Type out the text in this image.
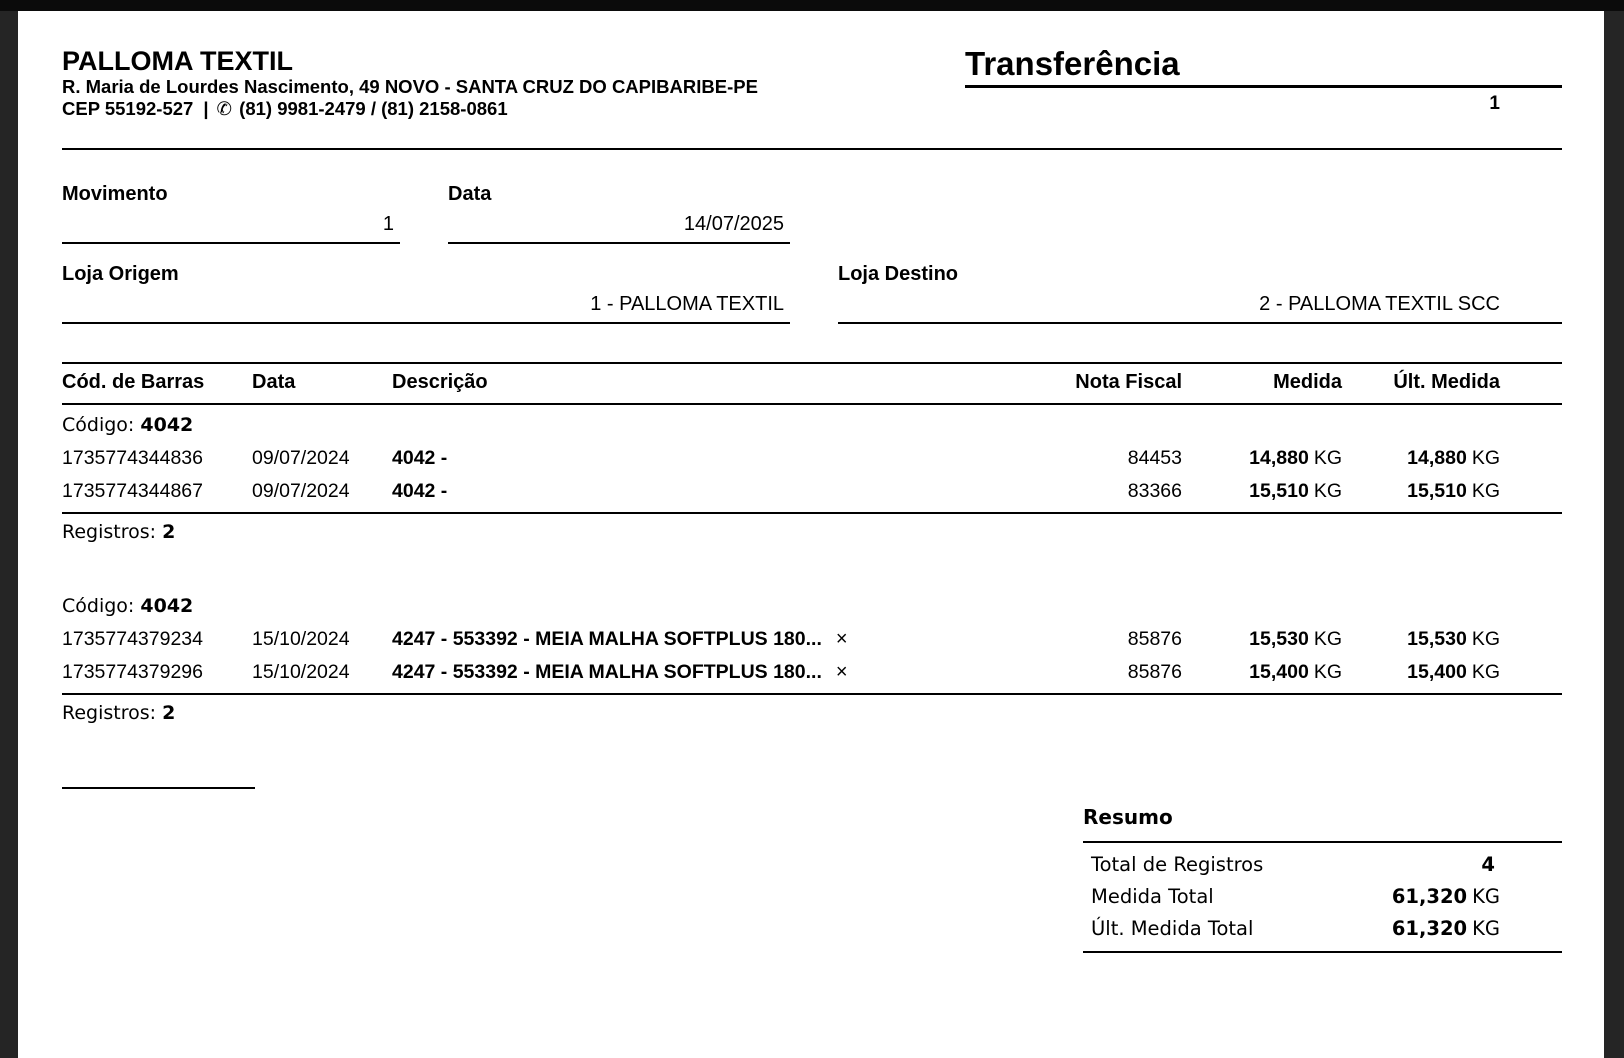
PALLOMA TEXTIL
R. Maria de Lourdes Nascimento, 49 NOVO - SANTA CRUZ DO CAPIBARIBE-PE
CEP 55192-527 | ✆ (81) 9981-2479 / (81) 2158-0861
Transferência
1
Movimento
1
Data
14/07/2025
Loja Origem
1 - PALLOMA TEXTIL
Loja Destino
2 - PALLOMA TEXTIL SCC
Cód. de Barras	Data	Descrição	Nota Fiscal	Medida	Últ. Medida
Código: 4042
1735774344836	09/07/2024	4042 -	84453	14,880 KG	14,880 KG
1735774344867	09/07/2024	4042 -	83366	15,510 KG	15,510 KG
Registros: 2
Código: 4042
1735774379234	15/10/2024	4247 - 553392 - MEIA MALHA SOFTPLUS 180... ×	85876	15,530 KG	15,530 KG
1735774379296	15/10/2024	4247 - 553392 - MEIA MALHA SOFTPLUS 180... ×	85876	15,400 KG	15,400 KG
Registros: 2
Resumo
Total de Registros	4
Medida Total	61,320 KG
Últ. Medida Total	61,320 KG
